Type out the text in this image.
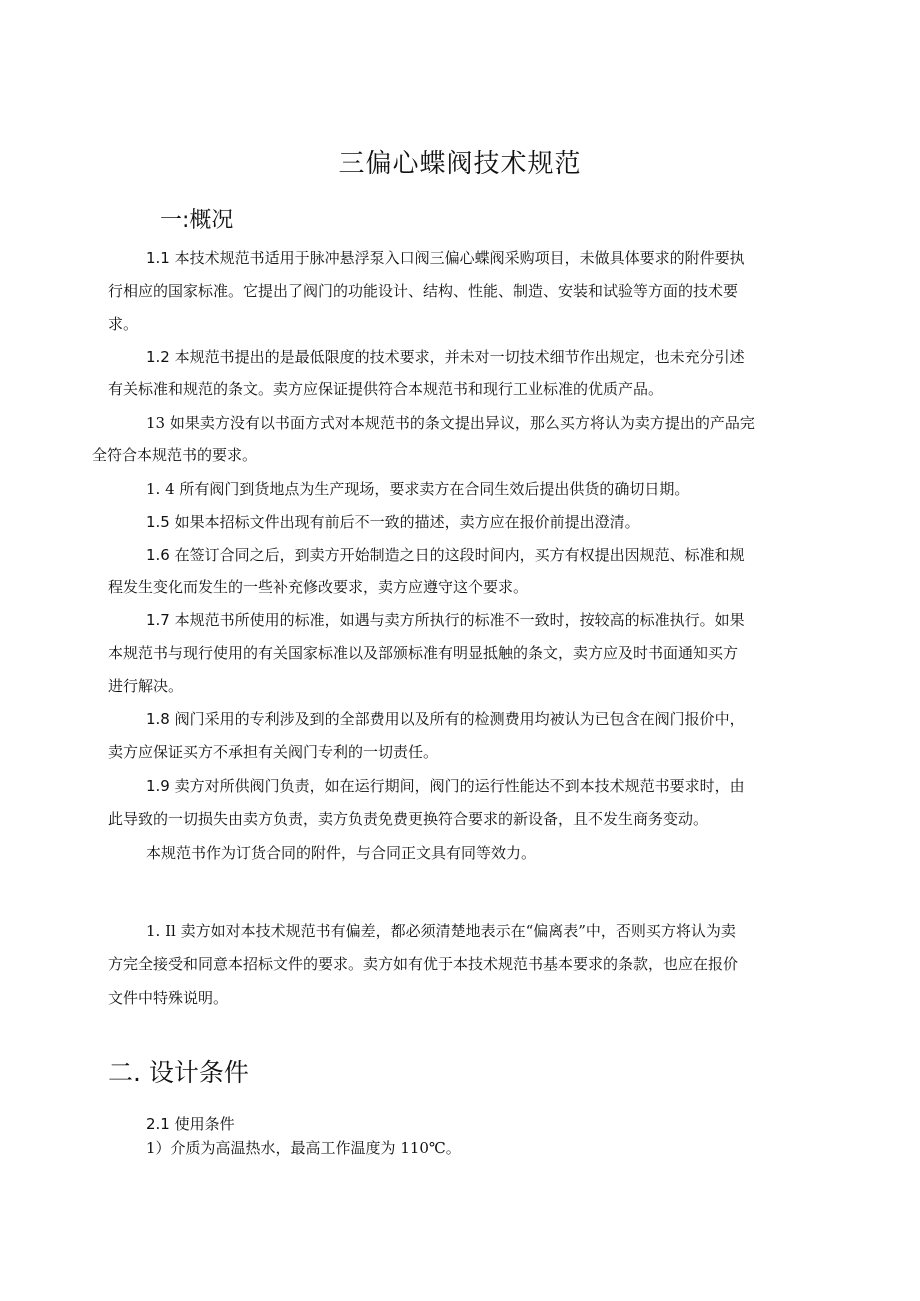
三偏心蝶阀技术规范
一:概况
1.1 本技术规范书适用于脉冲悬浮泵入口阀三偏心蝶阀采购项目，未做具体要求的附件要执
行相应的国家标准。它提出了阀门的功能设计、结构、性能、制造、安装和试验等方面的技术要
求。
1.2 本规范书提出的是最低限度的技术要求，并未对一切技术细节作出规定，也未充分引述
有关标准和规范的条文。卖方应保证提供符合本规范书和现行工业标准的优质产品。
13 如果卖方没有以书面方式对本规范书的条文提出异议，那么买方将认为卖方提出的产品完
全符合本规范书的要求。
1. 4 所有阀门到货地点为生产现场，要求卖方在合同生效后提出供货的确切日期。
1.5 如果本招标文件出现有前后不一致的描述，卖方应在报价前提出澄清。
1.6 在签订合同之后，到卖方开始制造之日的这段时间内，买方有权提出因规范、标准和规
程发生变化而发生的一些补充修改要求，卖方应遵守这个要求。
1.7 本规范书所使用的标准，如遇与卖方所执行的标准不一致时，按较高的标准执行。如果
本规范书与现行使用的有关国家标准以及部颁标准有明显抵触的条文，卖方应及时书面通知买方
进行解决。
1.8 阀门采用的专利涉及到的全部费用以及所有的检测费用均被认为已包含在阀门报价中，
卖方应保证买方不承担有关阀门专利的一切责任。
1.9 卖方对所供阀门负责，如在运行期间，阀门的运行性能达不到本技术规范书要求时，由
此导致的一切损失由卖方负责，卖方负责免费更换符合要求的新设备，且不发生商务变动。
本规范书作为订货合同的附件，与合同正文具有同等效力。
1. Il 卖方如对本技术规范书有偏差，都必须清楚地表示在“偏离表”中，否则买方将认为卖
方完全接受和同意本招标文件的要求。卖方如有优于本技术规范书基本要求的条款，也应在报价
文件中特殊说明。
二. 设计条件
2.1 使用条件
1）介质为高温热水，最高工作温度为 110℃。
